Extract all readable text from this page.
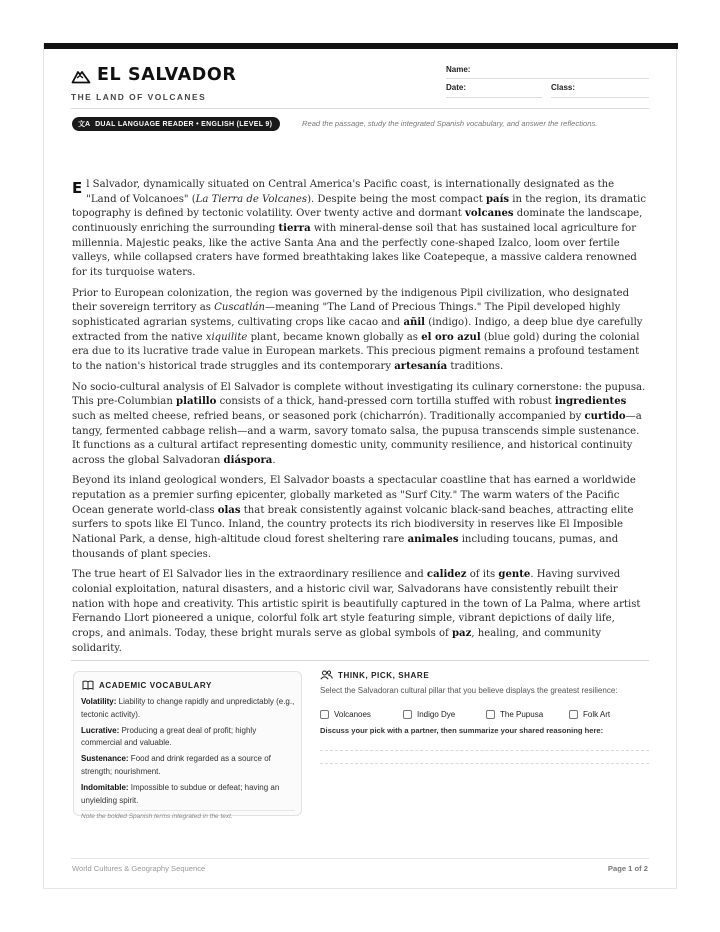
EL SALVADOR
THE LAND OF VOLCANES
Name:
Date:	Class:
文A DUAL LANGUAGE READER • ENGLISH (LEVEL 9)	Read the passage, study the integrated Spanish vocabulary, and answer the reflections.

E l Salvador, dynamically situated on Central America's Pacific coast, is internationally designated as the "Land of Volcanoes" (La Tierra de Volcanes). Despite being the most compact país in the region, its dramatic topography is defined by tectonic volatility. Over twenty active and dormant volcanes dominate the landscape, continuously enriching the surrounding tierra with mineral-dense soil that has sustained local agriculture for millennia. Majestic peaks, like the active Santa Ana and the perfectly cone-shaped Izalco, loom over fertile valleys, while collapsed craters have formed breathtaking lakes like Coatepeque, a massive caldera renowned for its turquoise waters.

Prior to European colonization, the region was governed by the indigenous Pipil civilization, who designated their sovereign territory as Cuscatlán—meaning "The Land of Precious Things." The Pipil developed highly sophisticated agrarian systems, cultivating crops like cacao and añil (indigo). Indigo, a deep blue dye carefully extracted from the native xiquilite plant, became known globally as el oro azul (blue gold) during the colonial era due to its lucrative trade value in European markets. This precious pigment remains a profound testament to the nation's historical trade struggles and its contemporary artesanía traditions.

No socio-cultural analysis of El Salvador is complete without investigating its culinary cornerstone: the pupusa. This pre-Columbian platillo consists of a thick, hand-pressed corn tortilla stuffed with robust ingredientes such as melted cheese, refried beans, or seasoned pork (chicharrón). Traditionally accompanied by curtido—a tangy, fermented cabbage relish—and a warm, savory tomato salsa, the pupusa transcends simple sustenance. It functions as a cultural artifact representing domestic unity, community resilience, and historical continuity across the global Salvadoran diáspora.

Beyond its inland geological wonders, El Salvador boasts a spectacular coastline that has earned a worldwide reputation as a premier surfing epicenter, globally marketed as "Surf City." The warm waters of the Pacific Ocean generate world-class olas that break consistently against volcanic black-sand beaches, attracting elite surfers to spots like El Tunco. Inland, the country protects its rich biodiversity in reserves like El Imposible National Park, a dense, high-altitude cloud forest sheltering rare animales including toucans, pumas, and thousands of plant species.

The true heart of El Salvador lies in the extraordinary resilience and calidez of its gente. Having survived colonial exploitation, natural disasters, and a historic civil war, Salvadorans have consistently rebuilt their nation with hope and creativity. This artistic spirit is beautifully captured in the town of La Palma, where artist Fernando Llort pioneered a unique, colorful folk art style featuring simple, vibrant depictions of daily life, crops, and animals. Today, these bright murals serve as global symbols of paz, healing, and community solidarity.

ACADEMIC VOCABULARY
Volatility: Liability to change rapidly and unpredictably (e.g., tectonic activity).
Lucrative: Producing a great deal of profit; highly commercial and valuable.
Sustenance: Food and drink regarded as a source of strength; nourishment.
Indomitable: Impossible to subdue or defeat; having an unyielding spirit.
Note the bolded Spanish terms integrated in the text.
THINK, PICK, SHARE
Select the Salvadoran cultural pillar that you believe displays the greatest resilience:
Volcanoes	Indigo Dye	The Pupusa	Folk Art
Discuss your pick with a partner, then summarize your shared reasoning here:
World Cultures & Geography Sequence	Page 1 of 2
